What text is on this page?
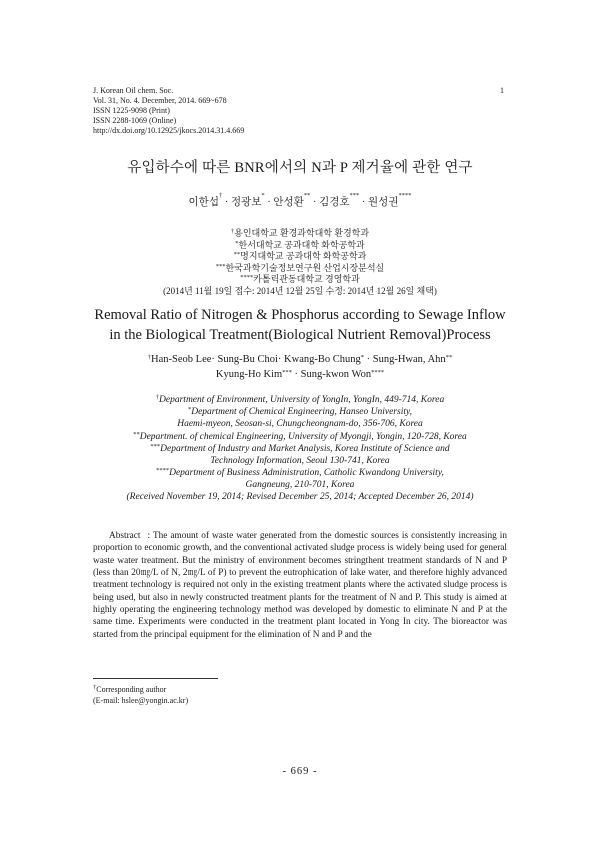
J. Korean Oil chem. Soc.
Vol. 31, No. 4. December, 2014. 669~678
ISSN 1225-9098 (Print)
ISSN 2288-1069 (Online)
http://dx.doi.org/10.12925/jkocs.2014.31.4.669
1
유입하수에 따른 BNR에서의 N과 P 제거율에 관한 연구
이한섭† · 정광보* · 안성환** · 김경호*** · 원성권****
†용인대학교 환경과학대학 환경학과
*한서대학교 공과대학 화학공학과
**명지대학교 공과대학 화학공학과
***한국과학기술정보연구원 산업시장분석실
****카톨릭관동대학교 경영학과
(2014년 11월 19일 접수: 2014년 12월 25일 수정: 2014년 12월 26일 채택)
Removal Ratio of Nitrogen & Phosphorus according to Sewage Inflow
in the Biological Treatment(Biological Nutrient Removal)Process
†Han-Seob Lee· Sung-Bu Choi· Kwang-Bo Chung* · Sung-Hwan, Ahn**
Kyung-Ho Kim*** · Sung-kwon Won****
†Department of Environment, University of YongIn, YongIn, 449-714, Korea
*Department of Chemical Engineering, Hanseo University,
Haemi-myeon, Seosan-si, Chungcheongnam-do, 356-706, Korea
**Department. of chemical Engineering, University of Myongji, Yongin, 120-728, Korea
***Department of Industry and Market Analysis, Korea Institute of Science and
Technology Information, Seoul 130-741, Korea
****Department of Business Administration, Catholic Kwandong University,
Gangneung, 210-701, Korea
(Received November 19, 2014; Revised December 25, 2014; Accepted December 26, 2014)
Abstract : The amount of waste water generated from the domestic sources is consistently increasing in proportion to economic growth, and the conventional activated sludge process is widely being used for general waste water treatment. But the ministry of environment becomes stringthent treatment standards of N and P (less than 20㎎/L of N, 2㎎/L of P) to prevent the eutrophication of lake water, and therefore highly advanced treatment technology is required not only in the existing treatment plants where the activated sludge process is being used, but also in newly constructed treatment plants for the treatment of N and P. This study is aimed at highly operating the engineering technology method was developed by domestic to eliminate N and P at the same time. Experiments were conducted in the treatment plant located in Yong In city. The bioreactor was started from the principal equipment for the elimination of N and P and the
†Corresponding author
(E-mail: hslee@yongin.ac.kr)
- 669 -
